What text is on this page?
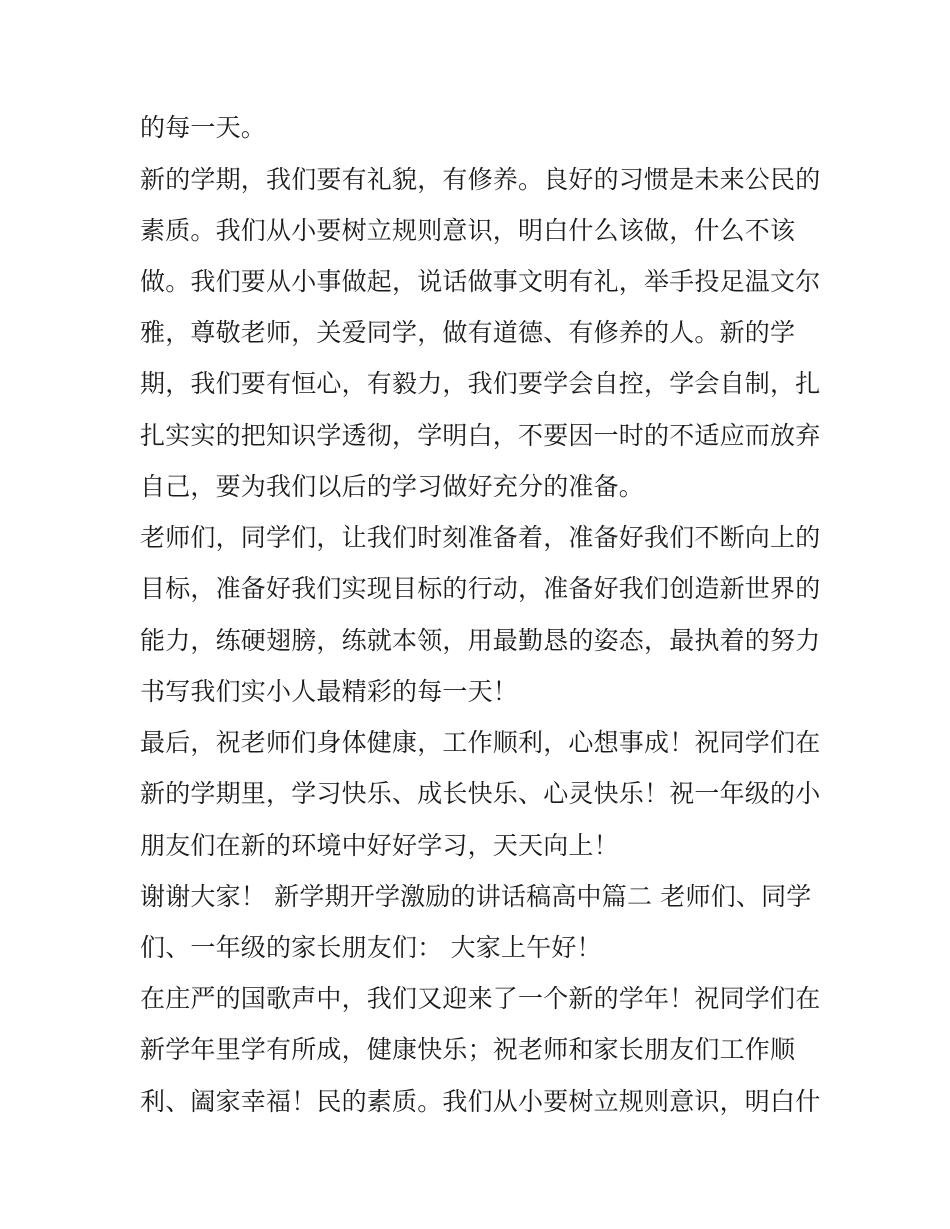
的每一天。
新的学期，我们要有礼貌，有修养。良好的习惯是未来公民的
素质。我们从小要树立规则意识，明白什么该做，什么不该
做。我们要从小事做起，说话做事文明有礼，举手投足温文尔
雅，尊敬老师，关爱同学，做有道德、有修养的人。新的学
期，我们要有恒心，有毅力，我们要学会自控，学会自制，扎
扎实实的把知识学透彻，学明白，不要因一时的不适应而放弃
自己，要为我们以后的学习做好充分的准备。
老师们，同学们，让我们时刻准备着，准备好我们不断向上的
目标，准备好我们实现目标的行动，准备好我们创造新世界的
能力，练硬翅膀，练就本领，用最勤恳的姿态，最执着的努力
书写我们实小人最精彩的每一天！
最后，祝老师们身体健康，工作顺利，心想事成！祝同学们在
新的学期里，学习快乐、成长快乐、心灵快乐！祝一年级的小
朋友们在新的环境中好好学习，天天向上！
谢谢大家！ 新学期开学激励的讲话稿高中篇二 老师们、同学
们、一年级的家长朋友们： 大家上午好！
在庄严的国歌声中，我们又迎来了一个新的学年！祝同学们在
新学年里学有所成，健康快乐；祝老师和家长朋友们工作顺
利、阖家幸福！民的素质。我们从小要树立规则意识，明白什
